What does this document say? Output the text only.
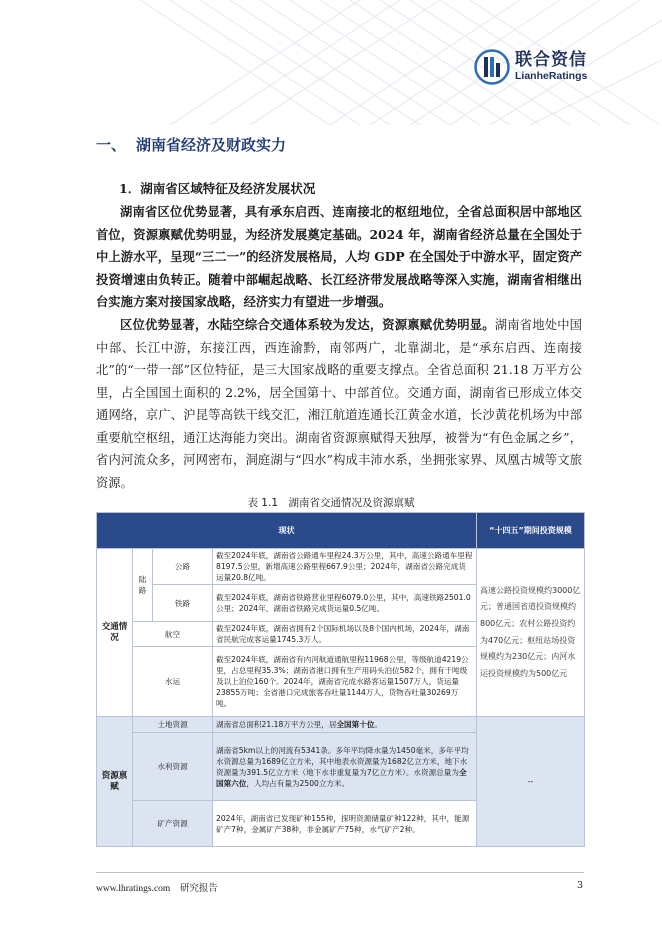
联合资信
LianheRatings
一、 湖南省经济及财政实力
1．湖南省区域特征及经济发展状况
湖南省区位优势显著，具有承东启西、连南接北的枢纽地位，全省总面积居中部地区首位，资源禀赋优势明显，为经济发展奠定基础。2024 年，湖南省经济总量在全国处于中上游水平，呈现“三二一”的经济发展格局，人均 GDP 在全国处于中游水平，固定资产投资增速由负转正。随着中部崛起战略、长江经济带发展战略等深入实施，湖南省相继出台实施方案对接国家战略，经济实力有望进一步增强。
区位优势显著，水陆空综合交通体系较为发达，资源禀赋优势明显。湖南省地处中国中部、长江中游，东接江西，西连渝黔，南邻两广，北靠湖北，是“承东启西、连南接北”的“一带一部”区位特征，是三大国家战略的重要支撑点。全省总面积 21.18 万平方公里，占全国国土面积的 2.2%，居全国第十、中部首位。交通方面，湖南省已形成立体交通网络，京广、沪昆等高铁干线交汇，湘江航道连通长江黄金水道，长沙黄花机场为中部重要航空枢纽，通江达海能力突出。湖南省资源禀赋得天独厚，被誉为“有色金属之乡”，省内河流众多，河网密布，洞庭湖与“四水”构成丰沛水系，坐拥张家界、凤凰古城等文旅资源。
表 1.1　湖南省交通情况及资源禀赋
现状				“十四五”期间投资规模
交通情况	陆路	公路	截至2024年底，湖南省公路通车里程24.3万公里，其中，高速公路通车里程8197.5公里，新增高速公路里程667.9公里；2024年，湖南省公路完成货运量20.8亿吨。	高速公路投资规模约3000亿元；普通国省道投资规模约800亿元；农村公路投资约为470亿元；枢纽站场投资规模约为230亿元；内河水运投资规模约为500亿元
		铁路	截至2024年底，湖南省铁路营业里程6079.0公里，其中，高速铁路2501.0公里；2024年，湖南省铁路完成货运量0.5亿吨。	
	航空		截至2024年底，湖南省拥有2个国际机场以及8个国内机场，2024年，湖南省民航完成客运量1745.3万人。	
	水运		截至2024年底，湖南省有内河航道通航里程11968公里，等级航道4219公里，占总里程35.3%；湖南省港口拥有生产用码头泊位582个，拥有千吨级及以上泊位160个。2024年，湖南省完成水路客运量1507万人，货运量23855万吨；全省港口完成旅客吞吐量1144万人，货物吞吐量30269万吨。	

资源禀赋	土地资源		湖南省总面积21.18万平方公里，居全国第十位。	--
	水利资源		湖南省5km以上的河流有5341条。多年平均降水量为1450毫米，多年平均水资源总量为1689亿立方米，其中地表水资源量为1682亿立方米，地下水资源量为391.5亿立方米（地下水非重复量为7亿立方米）。水资源总量为全国第六位，人均占有量为2500立方米。	
	矿产资源		2024年，湖南省已发现矿种155种，探明资源储量矿种122种，其中，能源矿产7种，金属矿产38种，非金属矿产75种，水气矿产2种。	
www.lhratings.com　 研究报告	3
